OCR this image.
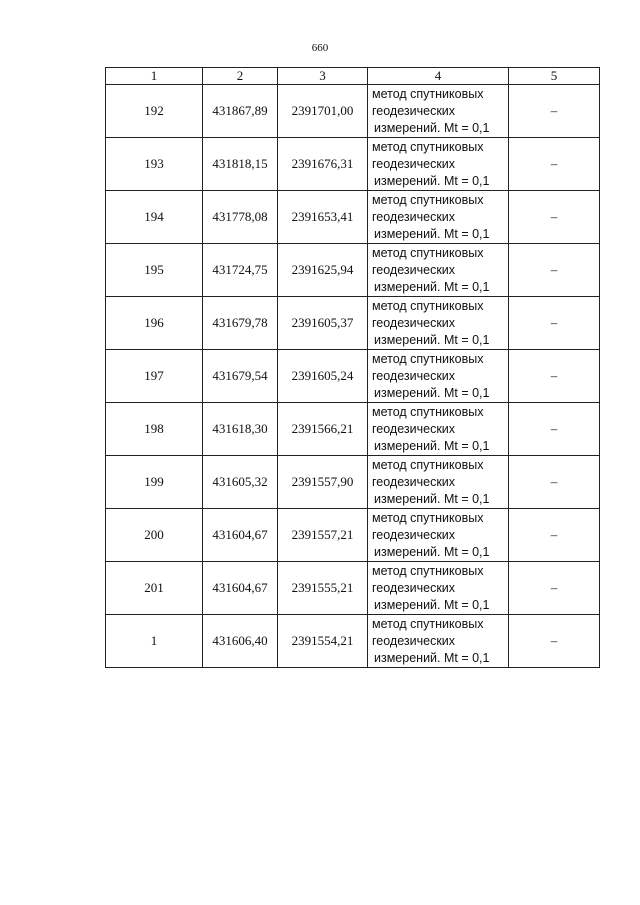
660
1	2	3	4	5
192	431867,89	2391701,00	метод спутниковых
геодезических
измерений. Mt = 0,1	–
193	431818,15	2391676,31	метод спутниковых
геодезических
измерений. Mt = 0,1	–
194	431778,08	2391653,41	метод спутниковых
геодезических
измерений. Mt = 0,1	–
195	431724,75	2391625,94	метод спутниковых
геодезических
измерений. Mt = 0,1	–
196	431679,78	2391605,37	метод спутниковых
геодезических
измерений. Mt = 0,1	–
197	431679,54	2391605,24	метод спутниковых
геодезических
измерений. Mt = 0,1	–
198	431618,30	2391566,21	метод спутниковых
геодезических
измерений. Mt = 0,1	–
199	431605,32	2391557,90	метод спутниковых
геодезических
измерений. Mt = 0,1	–
200	431604,67	2391557,21	метод спутниковых
геодезических
измерений. Mt = 0,1	–
201	431604,67	2391555,21	метод спутниковых
геодезических
измерений. Mt = 0,1	–
1	431606,40	2391554,21	метод спутниковых
геодезических
измерений. Mt = 0,1	–
